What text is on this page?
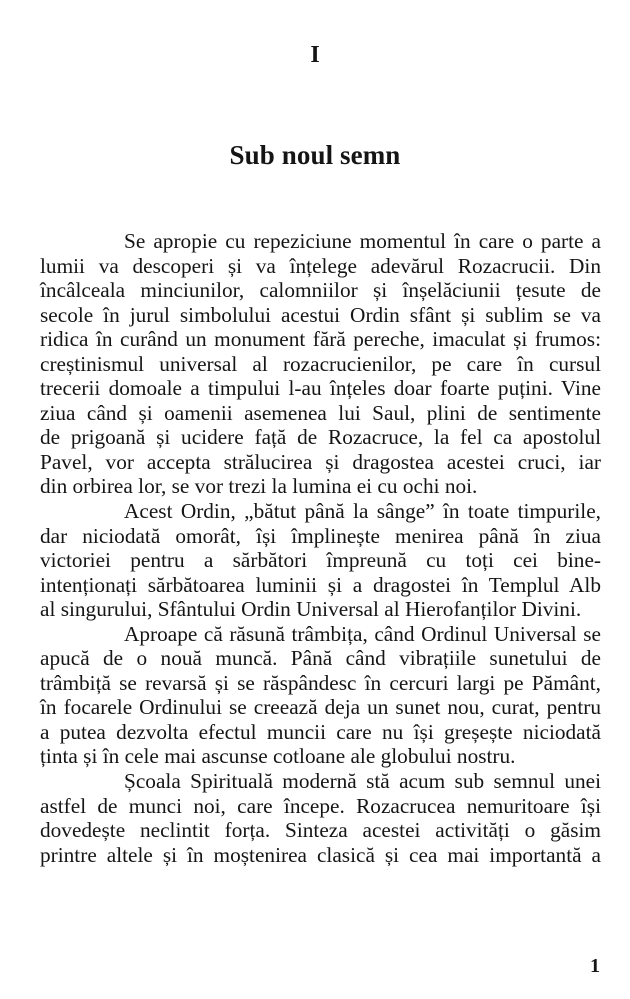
I
Sub noul semn
Se apropie cu repeziciune momentul în care o parte a
lumii va descoperi și va înțelege adevărul Rozacrucii. Din
încâlceala minciunilor, calomniilor și înșelăciunii țesute de
secole în jurul simbolului acestui Ordin sfânt și sublim se va
ridica în curând un monument fără pereche, imaculat și frumos:
creștinismul universal al rozacrucienilor, pe care în cursul
trecerii domoale a timpului l-au înțeles doar foarte puțini. Vine
ziua când și oamenii asemenea lui Saul, plini de sentimente
de prigoană și ucidere față de Rozacruce, la fel ca apostolul
Pavel, vor accepta strălucirea și dragostea acestei cruci, iar
din orbirea lor, se vor trezi la lumina ei cu ochi noi.
Acest Ordin, „bătut până la sânge” în toate timpurile,
dar niciodată omorât, își împlinește menirea până în ziua
victoriei pentru a sărbători împreună cu toți cei bine-
intenționați sărbătoarea luminii și a dragostei în Templul Alb
al singurului, Sfântului Ordin Universal al Hierofanților Divini.
Aproape că răsună trâmbița, când Ordinul Universal se
apucă de o nouă muncă. Până când vibrațiile sunetului de
trâmbiță se revarsă și se răspândesc în cercuri largi pe Pământ,
în focarele Ordinului se creează deja un sunet nou, curat, pentru
a putea dezvolta efectul muncii care nu își greșește niciodată
ținta și în cele mai ascunse cotloane ale globului nostru.
Școala Spirituală modernă stă acum sub semnul unei
astfel de munci noi, care începe. Rozacrucea nemuritoare își
dovedește neclintit forța. Sinteza acestei activități o găsim
printre altele și în moștenirea clasică și cea mai importantă a
1
